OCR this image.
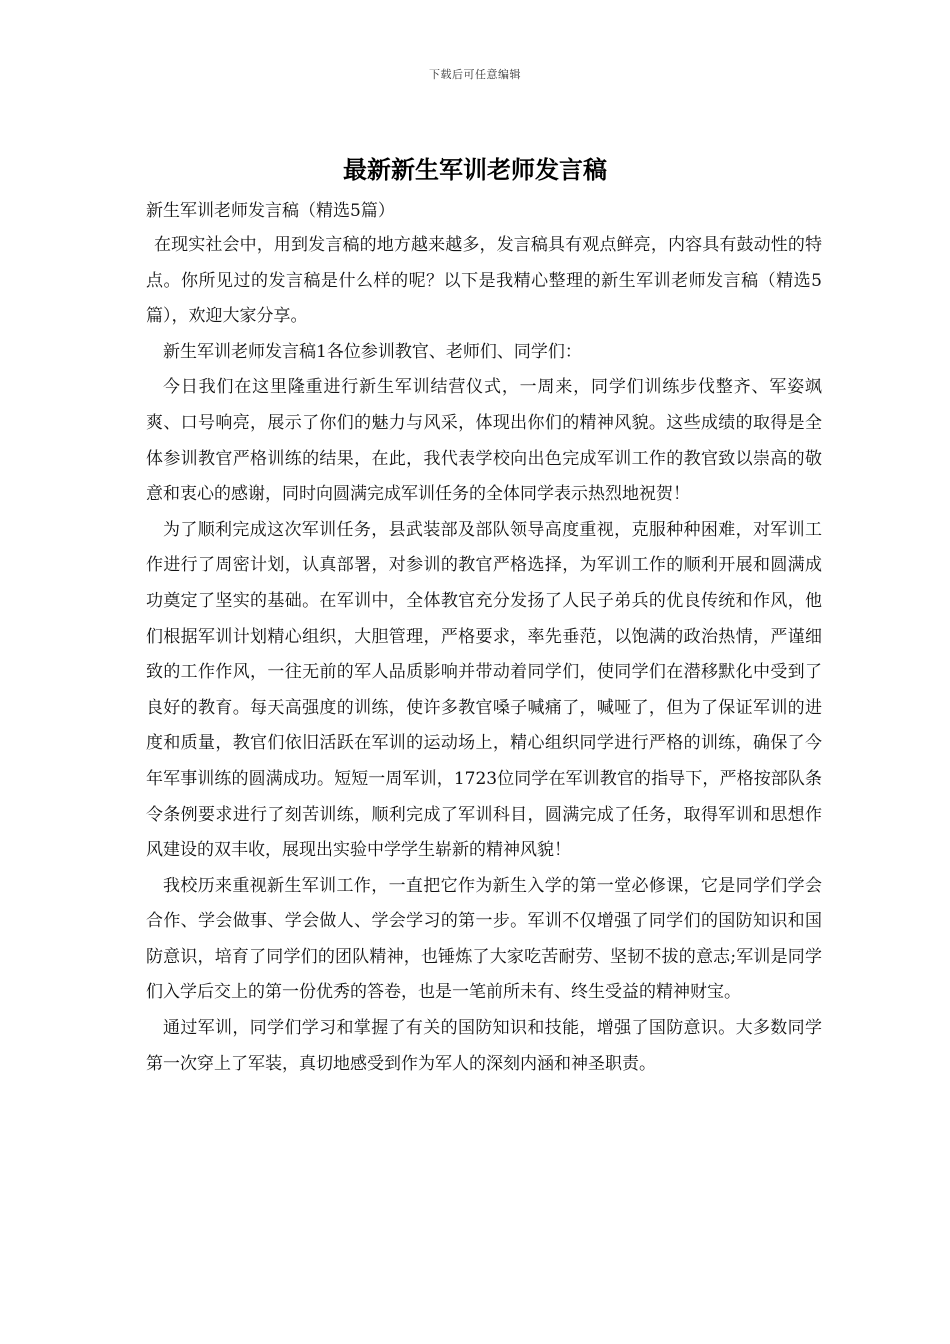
下载后可任意编辑
最新新生军训老师发言稿

新生军训老师发言稿（精选5篇）

在现实社会中，用到发言稿的地方越来越多，发言稿具有观点鲜亮，内容具有鼓动性的特点。你所见过的发言稿是什么样的呢？以下是我精心整理的新生军训老师发言稿（精选5篇），欢迎大家分享。

新生军训老师发言稿1各位参训教官、老师们、同学们：

今日我们在这里隆重进行新生军训结营仪式，一周来，同学们训练步伐整齐、军姿飒爽、口号响亮，展示了你们的魅力与风采，体现出你们的精神风貌。这些成绩的取得是全体参训教官严格训练的结果，在此，我代表学校向出色完成军训工作的教官致以崇高的敬意和衷心的感谢，同时向圆满完成军训任务的全体同学表示热烈地祝贺！

为了顺利完成这次军训任务，县武装部及部队领导高度重视，克服种种困难，对军训工作进行了周密计划，认真部署，对参训的教官严格选择，为军训工作的顺利开展和圆满成功奠定了坚实的基础。在军训中，全体教官充分发扬了人民子弟兵的优良传统和作风，他们根据军训计划精心组织，大胆管理，严格要求，率先垂范，以饱满的政治热情，严谨细致的工作作风，一往无前的军人品质影响并带动着同学们，使同学们在潜移默化中受到了良好的教育。每天高强度的训练，使许多教官嗓子喊痛了，喊哑了，但为了保证军训的进度和质量，教官们依旧活跃在军训的运动场上，精心组织同学进行严格的训练，确保了今年军事训练的圆满成功。短短一周军训，1723位同学在军训教官的指导下，严格按部队条令条例要求进行了刻苦训练，顺利完成了军训科目，圆满完成了任务，取得军训和思想作风建设的双丰收，展现出实验中学学生崭新的精神风貌！

我校历来重视新生军训工作，一直把它作为新生入学的第一堂必修课，它是同学们学会合作、学会做事、学会做人、学会学习的第一步。军训不仅增强了同学们的国防知识和国防意识，培育了同学们的团队精神，也锤炼了大家吃苦耐劳、坚韧不拔的意志;军训是同学们入学后交上的第一份优秀的答卷，也是一笔前所未有、终生受益的精神财宝。

通过军训，同学们学习和掌握了有关的国防知识和技能，增强了国防意识。大多数同学第一次穿上了军装，真切地感受到作为军人的深刻内涵和神圣职责。
